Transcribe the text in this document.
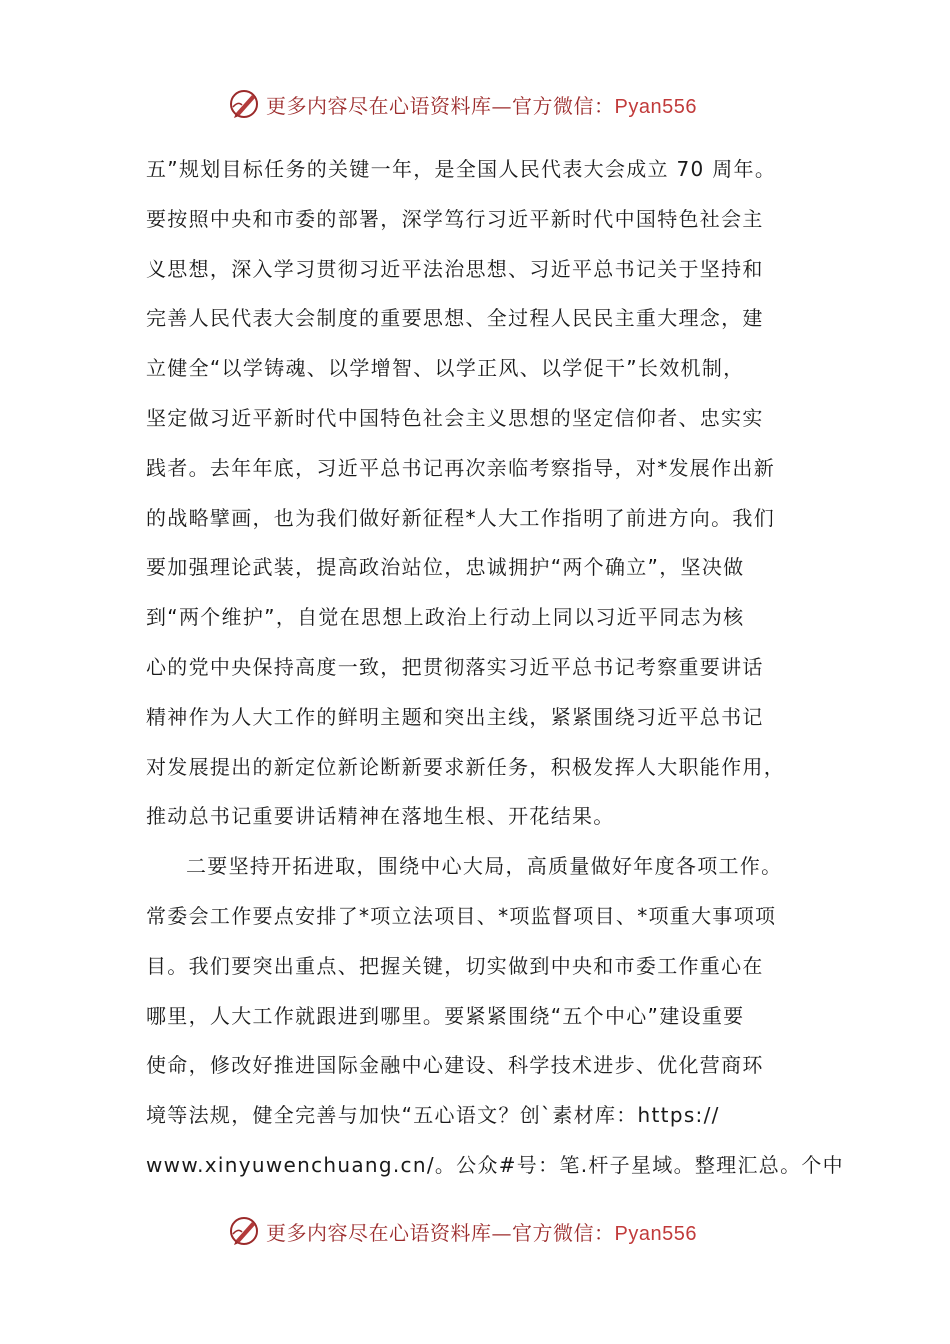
更多内容尽在心语资料库—官方微信：Pyan556
五”规划目标任务的关键一年，是全国人民代表大会成立 70 周年。
要按照中央和市委的部署，深学笃行习近平新时代中国特色社会主
义思想，深入学习贯彻习近平法治思想、习近平总书记关于坚持和
完善人民代表大会制度的重要思想、全过程人民民主重大理念，建
立健全“以学铸魂、以学增智、以学正风、以学促干”长效机制，
坚定做习近平新时代中国特色社会主义思想的坚定信仰者、忠实实
践者。去年年底，习近平总书记再次亲临考察指导，对*发展作出新
的战略擘画，也为我们做好新征程*人大工作指明了前进方向。我们
要加强理论武装，提高政治站位，忠诚拥护“两个确立”，坚决做
到“两个维护”，自觉在思想上政治上行动上同以习近平同志为核
心的党中央保持高度一致，把贯彻落实习近平总书记考察重要讲话
精神作为人大工作的鲜明主题和突出主线，紧紧围绕习近平总书记
对发展提出的新定位新论断新要求新任务，积极发挥人大职能作用，
推动总书记重要讲话精神在落地生根、开花结果。
二要坚持开拓进取，围绕中心大局，高质量做好年度各项工作。
常委会工作要点安排了*项立法项目、*项监督项目、*项重大事项项
目。我们要突出重点、把握关键，切实做到中央和市委工作重心在
哪里，人大工作就跟进到哪里。要紧紧围绕“五个中心”建设重要
使命，修改好推进国际金融中心建设、科学技术进步、优化营商环
境等法规，健全完善与加快“五心语文？创`素材库：https://
www.xinyuwenchuang.cn/。公众#号：笔.杆子星域。整理汇总。个中
更多内容尽在心语资料库—官方微信：Pyan556
